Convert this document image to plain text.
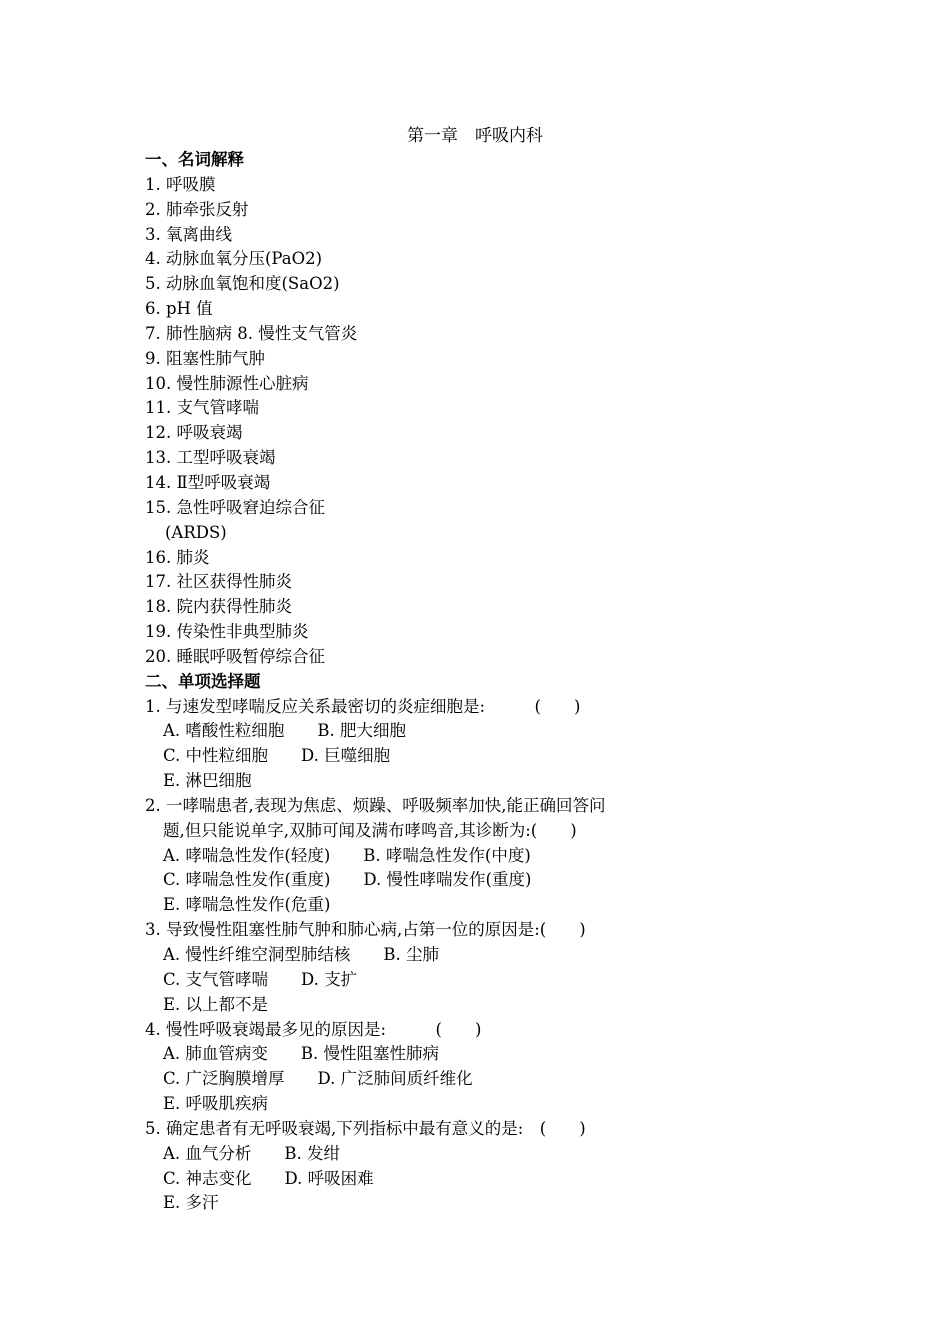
第一章　呼吸内科
一、名词解释
1. 呼吸膜
2. 肺牵张反射
3. 氧离曲线
4. 动脉血氧分压(PaO2)
5. 动脉血氧饱和度(SaO2)
6. pH 值
7. 肺性脑病 8. 慢性支气管炎
9. 阻塞性肺气肿
10. 慢性肺源性心脏病
11. 支气管哮喘
12. 呼吸衰竭
13. 工型呼吸衰竭
14. Ⅱ型呼吸衰竭
15. 急性呼吸窘迫综合征
(ARDS)
16. 肺炎
17. 社区获得性肺炎
18. 院内获得性肺炎
19. 传染性非典型肺炎
20. 睡眠呼吸暂停综合征
二、单项选择题
1. 与速发型哮喘反应关系最密切的炎症细胞是:　　　(　　)
A. 嗜酸性粒细胞　　B. 肥大细胞
C. 中性粒细胞　　D. 巨噬细胞
E. 淋巴细胞
2. 一哮喘患者,表现为焦虑、烦躁、呼吸频率加快,能正确回答问
题,但只能说单字,双肺可闻及满布哮鸣音,其诊断为:(　　)
A. 哮喘急性发作(轻度)　　B. 哮喘急性发作(中度)
C. 哮喘急性发作(重度)　　D. 慢性哮喘发作(重度)
E. 哮喘急性发作(危重)
3. 导致慢性阻塞性肺气肿和肺心病,占第一位的原因是:(　　)
A. 慢性纤维空洞型肺结核　　B. 尘肺
C. 支气管哮喘　　D. 支扩
E. 以上都不是
4. 慢性呼吸衰竭最多见的原因是:　　　(　　)
A. 肺血管病变　　B. 慢性阻塞性肺病
C. 广泛胸膜增厚　　D. 广泛肺间质纤维化
E. 呼吸肌疾病
5. 确定患者有无呼吸衰竭,下列指标中最有意义的是:　(　　)
A. 血气分析　　B. 发绀
C. 神志变化　　D. 呼吸困难
E. 多汗
